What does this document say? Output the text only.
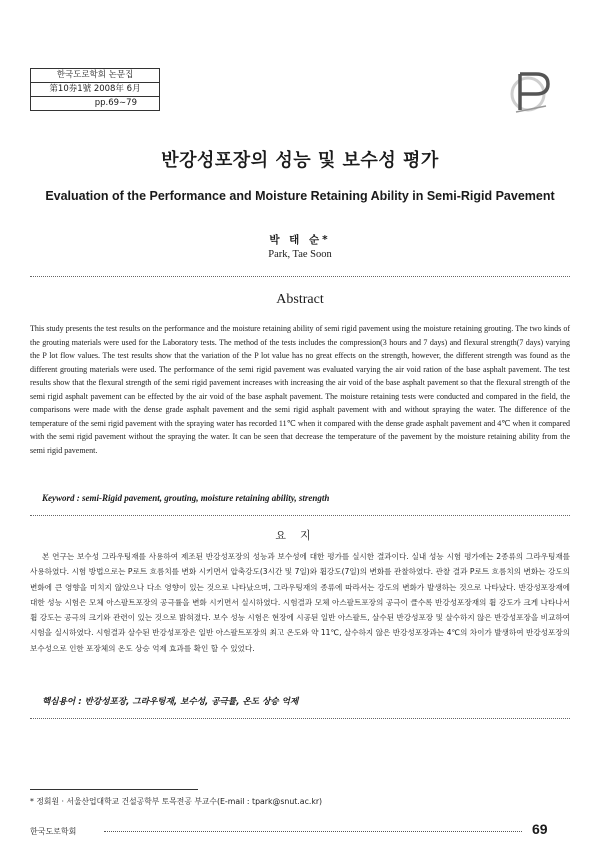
한국도로학회 논문집
第10券1號 2008年 6月
pp.69∼79
반강성포장의 성능 및 보수성 평가
Evaluation of the Performance and Moisture Retaining Ability in Semi-Rigid Pavement
박 태 순*
Park, Tae Soon
Abstract
This study presents the test results on the performance and the moisture retaining ability of semi rigid pavement using the moisture retaining grouting. The two kinds of the grouting materials were used for the Laboratory tests. The method of the tests includes the compression(3 hours and 7 days) and flexural strength(7 days) varying the P lot flow values. The test results show that the variation of the P lot value has no great effects on the strength, however, the different strength was found as the different grouting materials were used. The performance of the semi rigid pavement was evaluated varying the air void ration of the base asphalt pavement. The test results show that the flexural strength of the semi rigid pavement increases with increasing the air void of the base asphalt pavement so that the flexural strength of the semi rigid asphalt pavement can be effected by the air void of the base asphalt pavement. The moisture retaining tests were conducted and compared in the field, the comparisons were made with the dense grade asphalt pavement and the semi rigid asphalt pavement with and without spraying the water. The difference of the temperature of the semi rigid pavement with the spraying water has recorded 11℃ when it compared with the dense grade asphalt pavement and 4℃ when it compared with the semi rigid pavement without the spraying the water. It can be seen that decrease the temperature of the pavement by the moisture retaining ability from the semi rigid pavement.
Keyword : semi-Rigid pavement, grouting, moisture retaining ability, strength
요지
본 연구는 보수성 그라우팅재를 사용하여 제조된 반강성포장의 성능과 보수성에 대한 평가를 실시한 결과이다. 실내 성능 시험 평가에는 2종류의 그라우팅재를 사용하였다. 시험 방법으로는 P로트 흐름치를 변화 시키면서 압축강도(3시간 및 7일)와 휨강도(7일)의 변화를 관찰하였다. 관찰 결과 P로트 흐름치의 변화는 강도의 변화에 큰 영향을 미치지 않았으나 다소 영향이 있는 것으로 나타났으며, 그라우팅재의 종류에 따라서는 강도의 변화가 발생하는 것으로 나타났다. 반강성포장재에 대한 성능 시험은 모체 아스팔트포장의 공극률을 변화 시키면서 실시하였다. 시험결과 모체 아스팔트포장의 공극이 클수록 반강성포장재의 휨 강도가 크게 나타나서 휨 강도는 공극의 크기와 관련이 있는 것으로 밝혀졌다. 보수 성능 시험은 현장에 시공된 일반 아스팔트, 살수된 반강성포장 및 살수하지 않은 반강성포장을 비교하여 시험을 실시하였다. 시험결과 살수된 반강성포장은 일반 아스팔트포장의 최고 온도와 약 11℃, 살수하지 않은 반강성포장과는 4℃의 차이가 발생하여 반강성포장의 보수성으로 인한 포장체의 온도 상승 억제 효과를 확인 할 수 있었다.
핵심용어 : 반강성포장, 그라우팅재, 보수성, 공극률, 온도 상승 억제
* 정회원 · 서울산업대학교 건설공학부 토목전공 부교수(E-mail : tpark@snut.ac.kr)
한국도로학회	69
